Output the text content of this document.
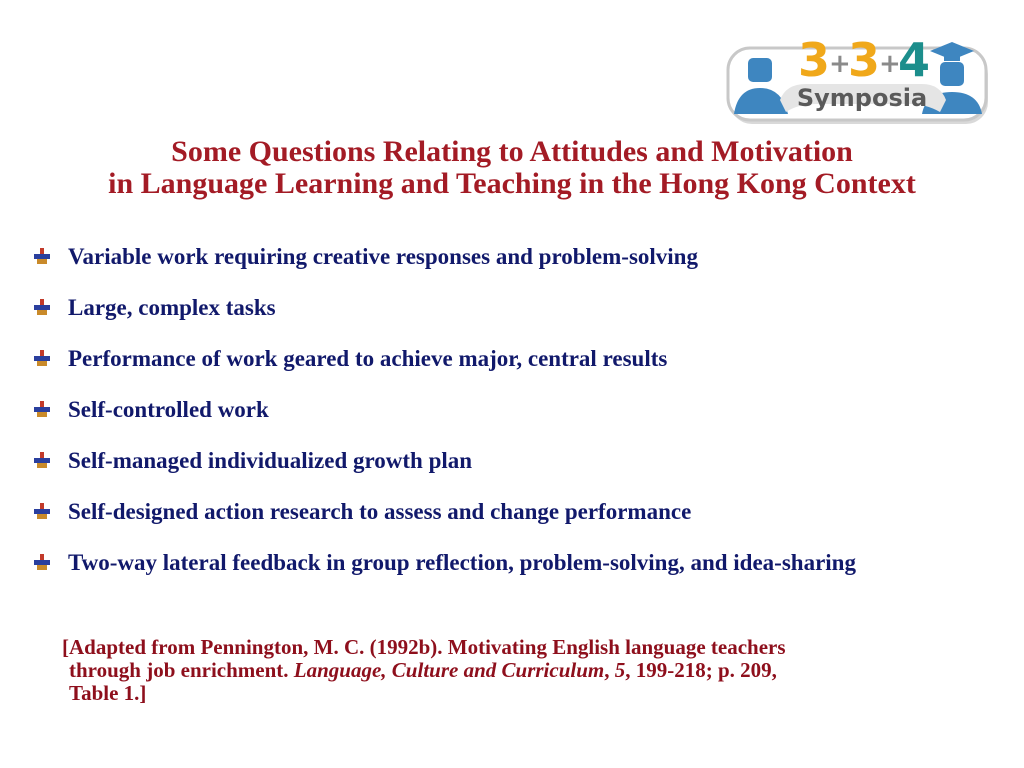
Symposia
3
+
3
+
4
Some Questions Relating to Attitudes and Motivation
in Language Learning and Teaching in the Hong Kong Context
Variable work requiring creative responses and problem-solving
Large, complex tasks
Performance of work geared to achieve major, central results
Self-controlled work
Self-managed individualized growth plan
Self-designed action research to assess and change performance
Two-way lateral feedback in group reflection, problem-solving, and idea-sharing
[Adapted from Pennington, M. C. (1992b). Motivating English language teachers
through job enrichment. Language, Culture and Curriculum, 5, 199-218; p. 209,
Table 1.]
